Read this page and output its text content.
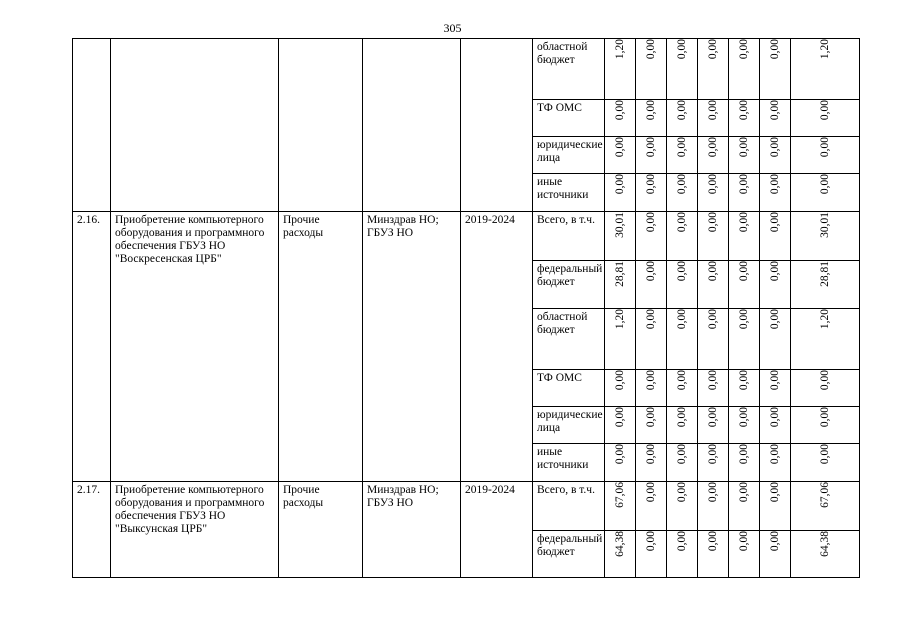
305
					областной бюджет	1,20	0,00	0,00	0,00	0,00	0,00	1,20

					ТФ ОМС	0,00	0,00	0,00	0,00	0,00	0,00	0,00

					юридические лица	0,00	0,00	0,00	0,00	0,00	0,00	0,00

					иные источники	0,00	0,00	0,00	0,00	0,00	0,00	0,00

2.16.	Приобретение компьютерного оборудования и программного обеспечения ГБУЗ НО "Воскресенская ЦРБ"	Прочие расходы	Минздрав НО; ГБУЗ НО	2019-2024	Всего, в т.ч.	30,01	0,00	0,00	0,00	0,00	0,00	30,01

					федеральный бюджет	28,81	0,00	0,00	0,00	0,00	0,00	28,81

					областной бюджет	1,20	0,00	0,00	0,00	0,00	0,00	1,20

					ТФ ОМС	0,00	0,00	0,00	0,00	0,00	0,00	0,00

					юридические лица	0,00	0,00	0,00	0,00	0,00	0,00	0,00

					иные источники	0,00	0,00	0,00	0,00	0,00	0,00	0,00

2.17.	Приобретение компьютерного оборудования и программного обеспечения ГБУЗ НО "Выксунская ЦРБ"	Прочие расходы	Минздрав НО; ГБУЗ НО	2019-2024	Всего, в т.ч.	67,06	0,00	0,00	0,00	0,00	0,00	67,06

					федеральный бюджет	64,38	0,00	0,00	0,00	0,00	0,00	64,38
